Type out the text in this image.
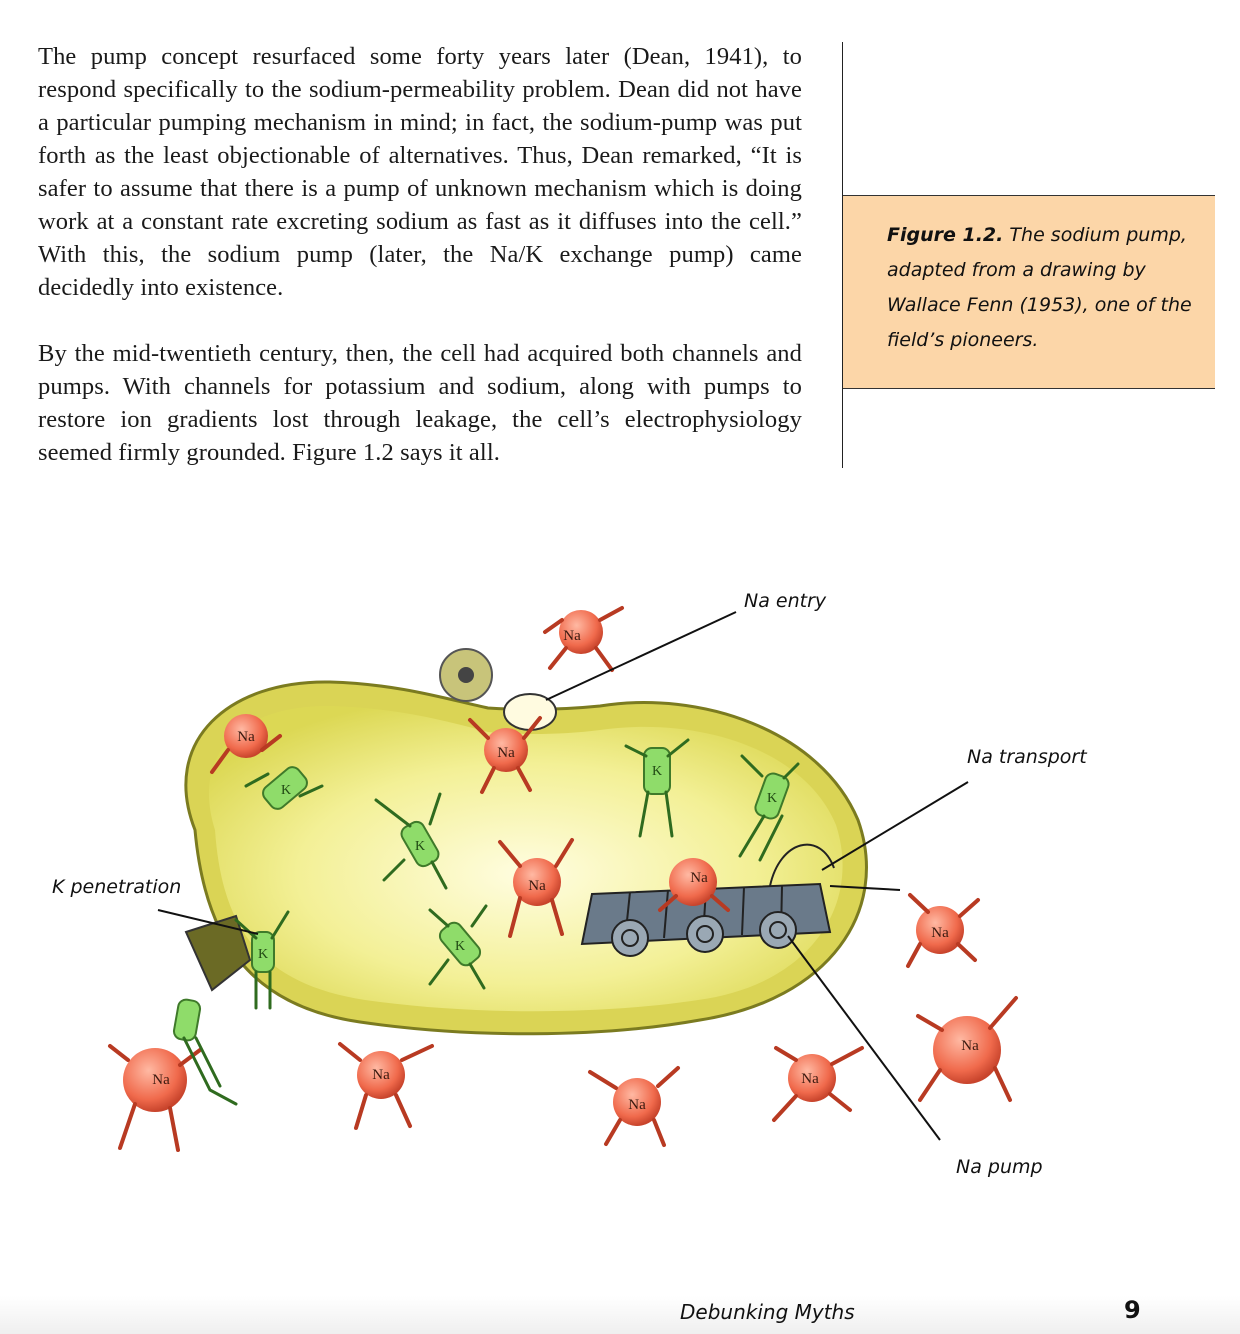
The pump concept resurfaced some forty years later (Dean, 1941), to respond specifically to the sodium-permeability problem. Dean did not have a particular pumping mechanism in mind; in fact, the sodium-pump was put forth as the least objectionable of alternatives. Thus, Dean remarked, “It is safer to assume that there is a pump of unknown mechanism which is doing work at a constant rate excreting sodium as fast as it diffuses into the cell.” With this, the sodium pump (later, the Na/K exchange pump) came decidedly into existence.

By the mid-twentieth century, then, the cell had acquired both channels and pumps. With channels for potassium and sodium, along with pumps to restore ion gradients lost through leakage, the cell’s electrophysiology seemed firmly grounded. Figure 1.2 says it all.

Figure 1.2. The sodium pump, adapted from a drawing by Wallace Fenn (1953), one of the field’s pioneers.
Na
Na
Na
Na	Na
Na
Na
Na	Na
Na
Na
K
K
K
K
K
K
Na entry
Na transport
K penetration
Na pump
Debunking Myths	9
